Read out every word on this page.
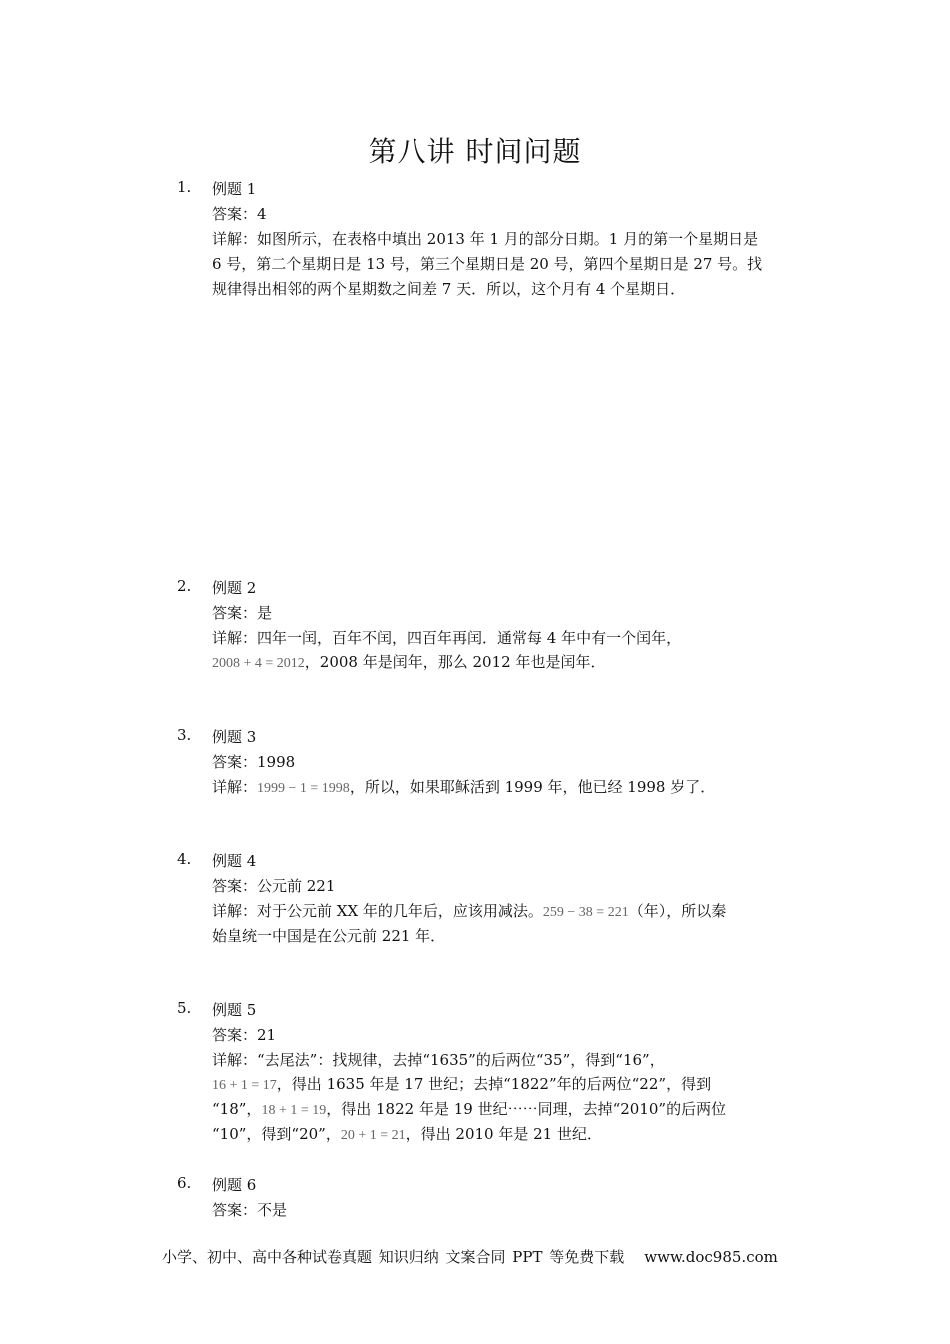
第八讲 时间问题
1. 例题 1
答案：4
详解：如图所示，在表格中填出 2013 年 1 月的部分日期。1 月的第一个星期日是
6 号，第二个星期日是 13 号，第三个星期日是 20 号，第四个星期日是 27 号。找
规律得出相邻的两个星期数之间差 7 天．所以，这个月有 4 个星期日．
2. 例题 2
答案：是
详解：四年一闰，百年不闰，四百年再闰．通常每 4 年中有一个闰年，
2008 + 4 = 2012，2008 年是闰年，那么 2012 年也是闰年．
3. 例题 3
答案：1998
详解：1999 − 1 = 1998，所以，如果耶稣活到 1999 年，他已经 1998 岁了．
4. 例题 4
答案：公元前 221
详解：对于公元前 XX 年的几年后，应该用减法。259 − 38 = 221（年），所以秦
始皇统一中国是在公元前 221 年．
5. 例题 5
答案：21
详解：“去尾法”：找规律，去掉“1635”的后两位“35”，得到“16”，
16 + 1 = 17，得出 1635 年是 17 世纪；去掉“1822”年的后两位“22”，得到
“18”，18 + 1 = 19，得出 1822 年是 19 世纪⋯⋯同理，去掉“2010”的后两位
“10”，得到“20”，20 + 1 = 21，得出 2010 年是 21 世纪．
6. 例题 6
答案：不是
小学、初中、高中各种试卷真题 知识归纳 文案合同 PPT 等免费下载 www.doc985.com
